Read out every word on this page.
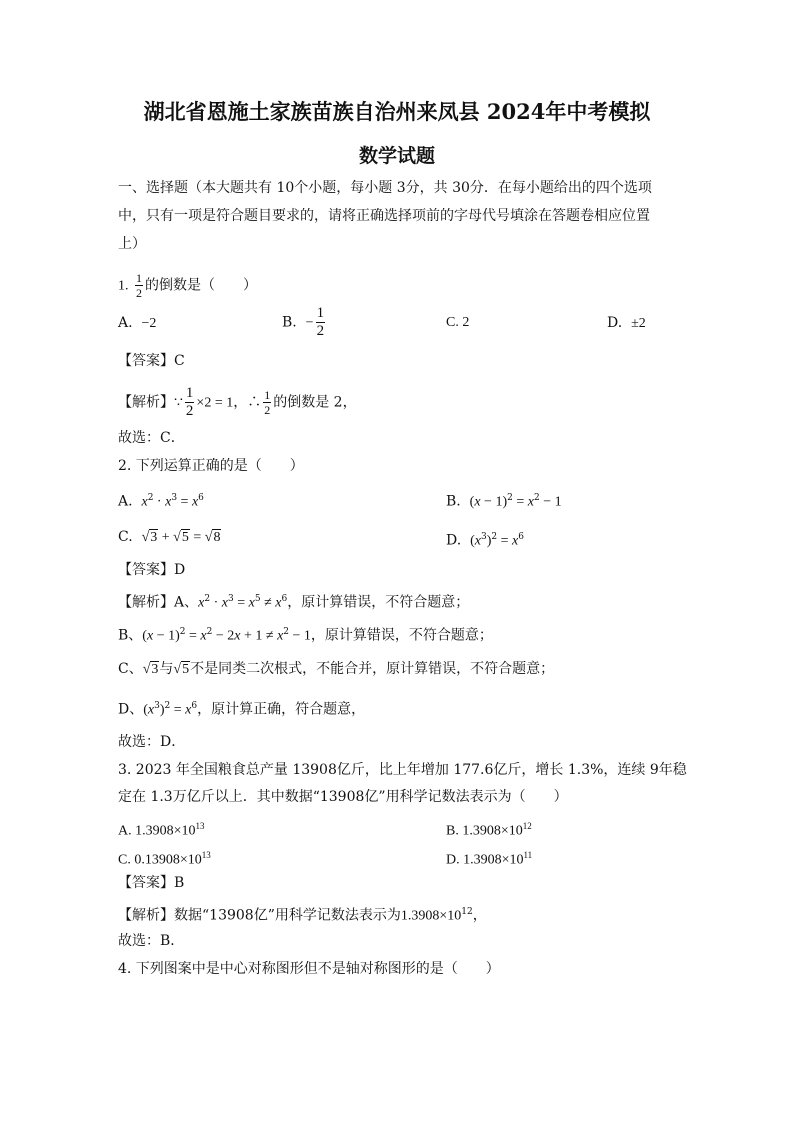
湖北省恩施土家族苗族自治州来凤县 2024年中考模拟
数学试题
一、选择题（本大题共有 10个小题，每小题 3分，共 30分．在每小题给出的四个选项
中，只有一项是符合题目要求的，请将正确选择项前的字母代号填涂在答题卷相应位置
上）
1. $\frac{1}{2}$ 的倒数是（　　）
A. −2	B. − $\frac{1}{2}$	C. 2	D. ±2
【答案】C
【解析】∵ $\frac{1}{2} \times 2 = 1$，∴ $\frac{1}{2}$ 的倒数是 2，
故选：C．
2. 下列运算正确的是（　　）
A. $x^2 \cdot x^3 = x^6$	B. $(x - 1)^2 = x^2 - 1$
C. √3 + √5 = √8	D. $(x^3)^2 = x^6$
【答案】D
【解析】A、$x^2 \cdot x^3 = x^5 \ne x^6$，原计算错误，不符合题意；
B、$(x - 1)^2 = x^2 - 2x + 1 \ne x^2 - 1$，原计算错误，不符合题意；
C、√3与√5不是同类二次根式，不能合并，原计算错误，不符合题意；
D、$(x^3)^2 = x^6$，原计算正确，符合题意，
故选：D．
3. 2023 年全国粮食总产量 13908亿斤，比上年增加 177.6亿斤，增长 1.3%，连续 9年稳
定在 1.3万亿斤以上．其中数据“13908亿”用科学记数法表示为（　　）
A. $1.3908\times 10^{13}$	B. $1.3908\times 10^{12}$
C. $0.13908\times 10^{13}$	D. $1.3908\times 10^{11}$
【答案】B
【解析】数据“13908亿”用科学记数法表示为$1.3908\times 10^{12}$，
故选：B．
4. 下列图案中是中心对称图形但不是轴对称图形的是（　　）
